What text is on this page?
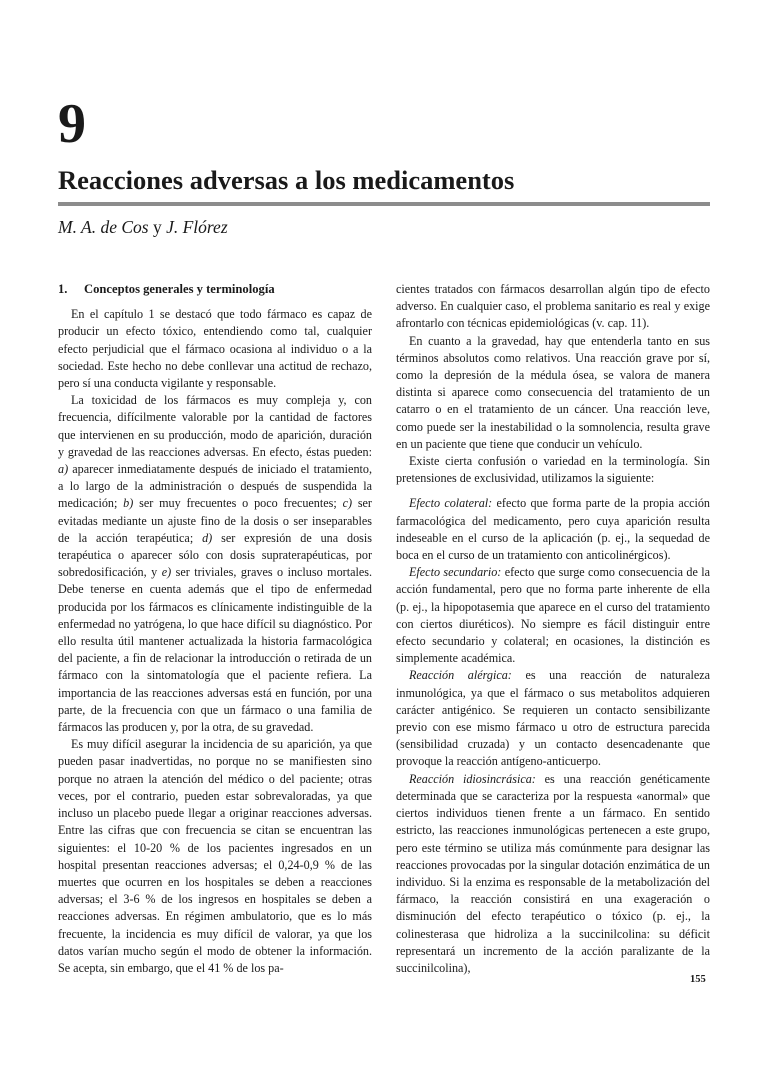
9
Reacciones adversas a los medicamentos
M. A. de Cos y J. Flórez
1. Conceptos generales y terminología

En el capítulo 1 se destacó que todo fármaco es capaz de producir un efecto tóxico, entendiendo como tal, cualquier efecto perjudicial que el fármaco ocasiona al individuo o a la sociedad. Este hecho no debe conllevar una actitud de rechazo, pero sí una conducta vigilante y responsable.

La toxicidad de los fármacos es muy compleja y, con frecuencia, difícilmente valorable por la cantidad de factores que intervienen en su producción, modo de aparición, duración y gravedad de las reacciones adversas. En efecto, éstas pueden: a) aparecer inmediatamente después de iniciado el tratamiento, a lo largo de la administración o después de suspendida la medicación; b) ser muy frecuentes o poco frecuentes; c) ser evitadas mediante un ajuste fino de la dosis o ser inseparables de la acción terapéutica; d) ser expresión de una dosis terapéutica o aparecer sólo con dosis supraterapéuticas, por sobredosificación, y e) ser triviales, graves o incluso mortales. Debe tenerse en cuenta además que el tipo de enfermedad producida por los fármacos es clínicamente indistinguible de la enfermedad no yatrógena, lo que hace difícil su diagnóstico. Por ello resulta útil mantener actualizada la historia farmacológica del paciente, a fin de relacionar la introducción o retirada de un fármaco con la sintomatología que el paciente refiera. La importancia de las reacciones adversas está en función, por una parte, de la frecuencia con que un fármaco o una familia de fármacos las producen y, por la otra, de su gravedad.

Es muy difícil asegurar la incidencia de su aparición, ya que pueden pasar inadvertidas, no porque no se manifiesten sino porque no atraen la atención del médico o del paciente; otras veces, por el contrario, pueden estar sobrevaloradas, ya que incluso un placebo puede llegar a originar reacciones adversas. Entre las cifras que con frecuencia se citan se encuentran las siguientes: el 10-20 % de los pacientes ingresados en un hospital presentan reacciones adversas; el 0,24-0,9 % de las muertes que ocurren en los hospitales se deben a reacciones adversas; el 3-6 % de los ingresos en hospitales se deben a reacciones adversas. En régimen ambulatorio, que es lo más frecuente, la incidencia es muy difícil de valorar, ya que los datos varían mucho según el modo de obtener la información. Se acepta, sin embargo, que el 41 % de los pa-

cientes tratados con fármacos desarrollan algún tipo de efecto adverso. En cualquier caso, el problema sanitario es real y exige afrontarlo con técnicas epidemiológicas (v. cap. 11).

En cuanto a la gravedad, hay que entenderla tanto en sus términos absolutos como relativos. Una reacción grave por sí, como la depresión de la médula ósea, se valora de manera distinta si aparece como consecuencia del tratamiento de un catarro o en el tratamiento de un cáncer. Una reacción leve, como puede ser la inestabilidad o la somnolencia, resulta grave en un paciente que tiene que conducir un vehículo.

Existe cierta confusión o variedad en la terminología. Sin pretensiones de exclusividad, utilizamos la siguiente:

Efecto colateral: efecto que forma parte de la propia acción farmacológica del medicamento, pero cuya aparición resulta indeseable en el curso de la aplicación (p. ej., la sequedad de boca en el curso de un tratamiento con anticolinérgicos).

Efecto secundario: efecto que surge como consecuencia de la acción fundamental, pero que no forma parte inherente de ella (p. ej., la hipopotasemia que aparece en el curso del tratamiento con ciertos diuréticos). No siempre es fácil distinguir entre efecto secundario y colateral; en ocasiones, la distinción es simplemente académica.

Reacción alérgica: es una reacción de naturaleza inmunológica, ya que el fármaco o sus metabolitos adquieren carácter antigénico. Se requieren un contacto sensibilizante previo con ese mismo fármaco u otro de estructura parecida (sensibilidad cruzada) y un contacto desencadenante que provoque la reacción antígeno-anticuerpo.

Reacción idiosincrásica: es una reacción genéticamente determinada que se caracteriza por la respuesta «anormal» que ciertos individuos tienen frente a un fármaco. En sentido estricto, las reacciones inmunológicas pertenecen a este grupo, pero este término se utiliza más comúnmente para designar las reacciones provocadas por la singular dotación enzimática de un individuo. Si la enzima es responsable de la metabolización del fármaco, la reacción consistirá en una exageración o disminución del efecto terapéutico o tóxico (p. ej., la colinesterasa que hidroliza a la succinilcolina: su déficit representará un incremento de la acción paralizante de la succinilcolina),

155
